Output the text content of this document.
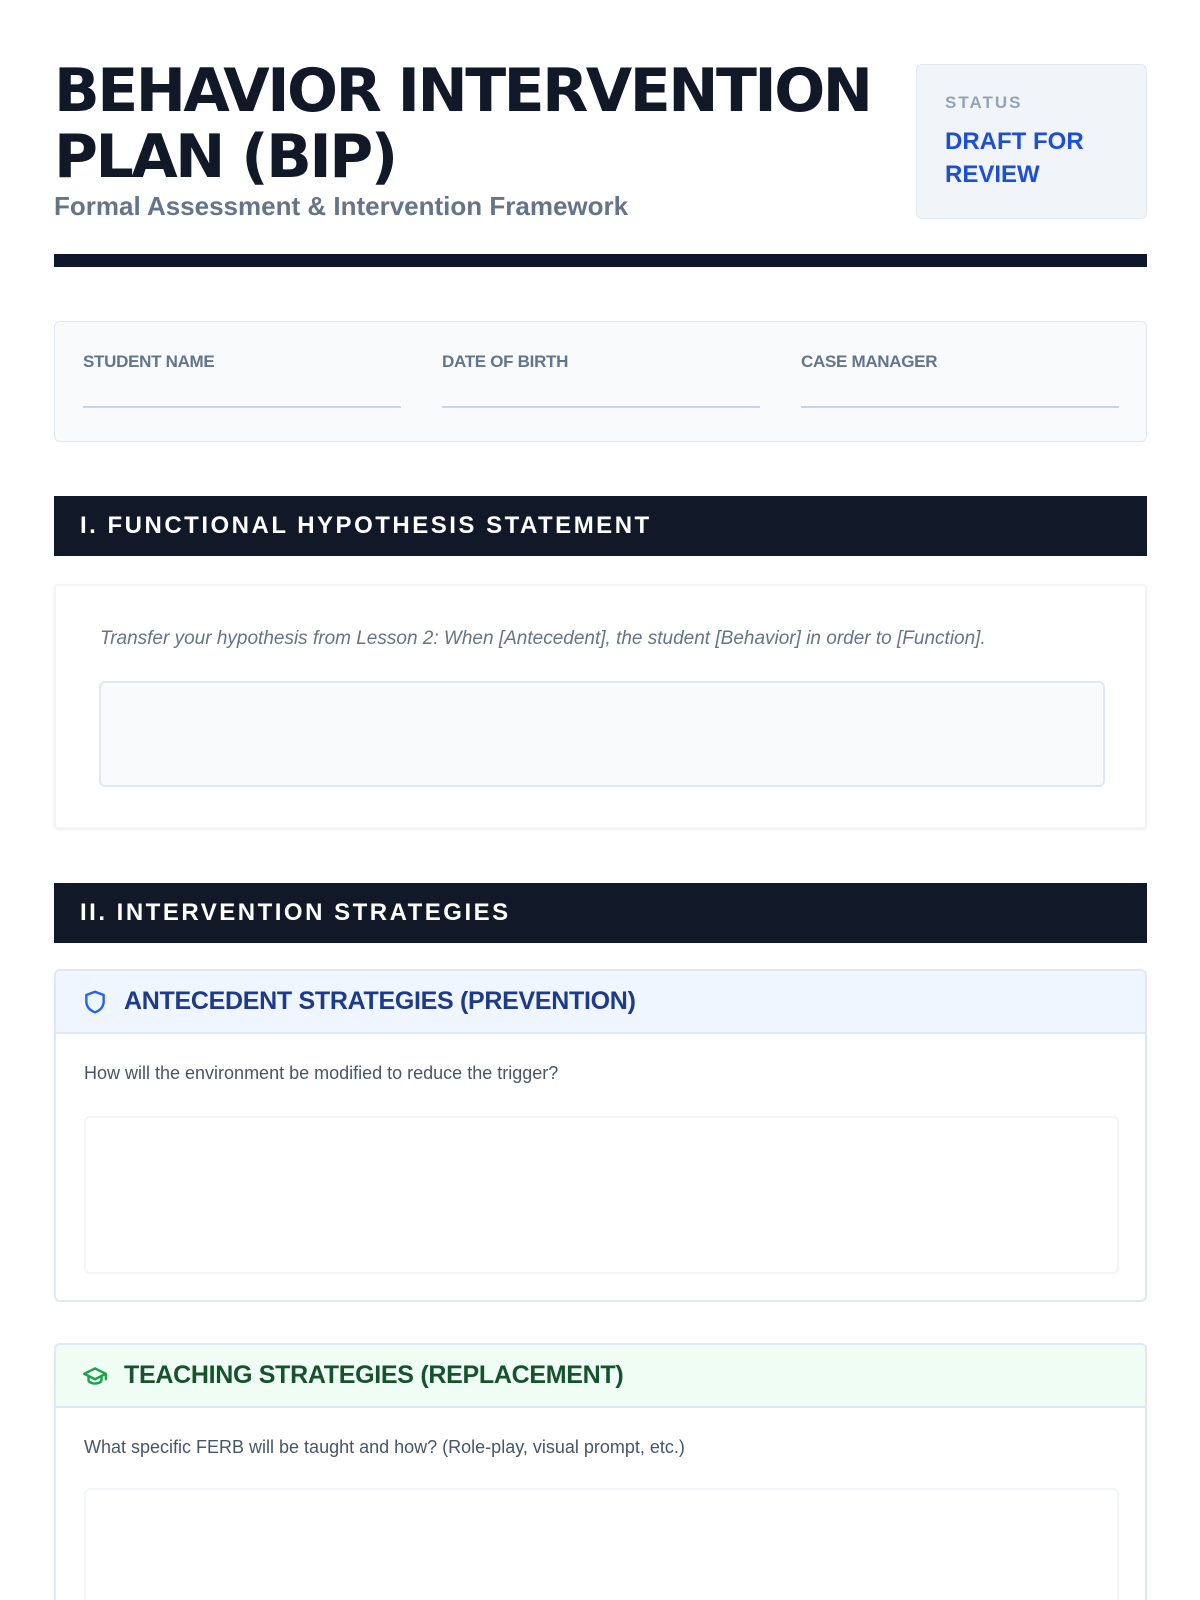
BEHAVIOR INTERVENTION PLAN (BIP)
Formal Assessment & Intervention Framework
STATUS
DRAFT FOR REVIEW
STUDENT NAME	DATE OF BIRTH	CASE MANAGER
I. FUNCTIONAL HYPOTHESIS STATEMENT
Transfer your hypothesis from Lesson 2: When [Antecedent], the student [Behavior] in order to [Function].
II. INTERVENTION STRATEGIES
ANTECEDENT STRATEGIES (PREVENTION)
How will the environment be modified to reduce the trigger?
TEACHING STRATEGIES (REPLACEMENT)
What specific FERB will be taught and how? (Role-play, visual prompt, etc.)
